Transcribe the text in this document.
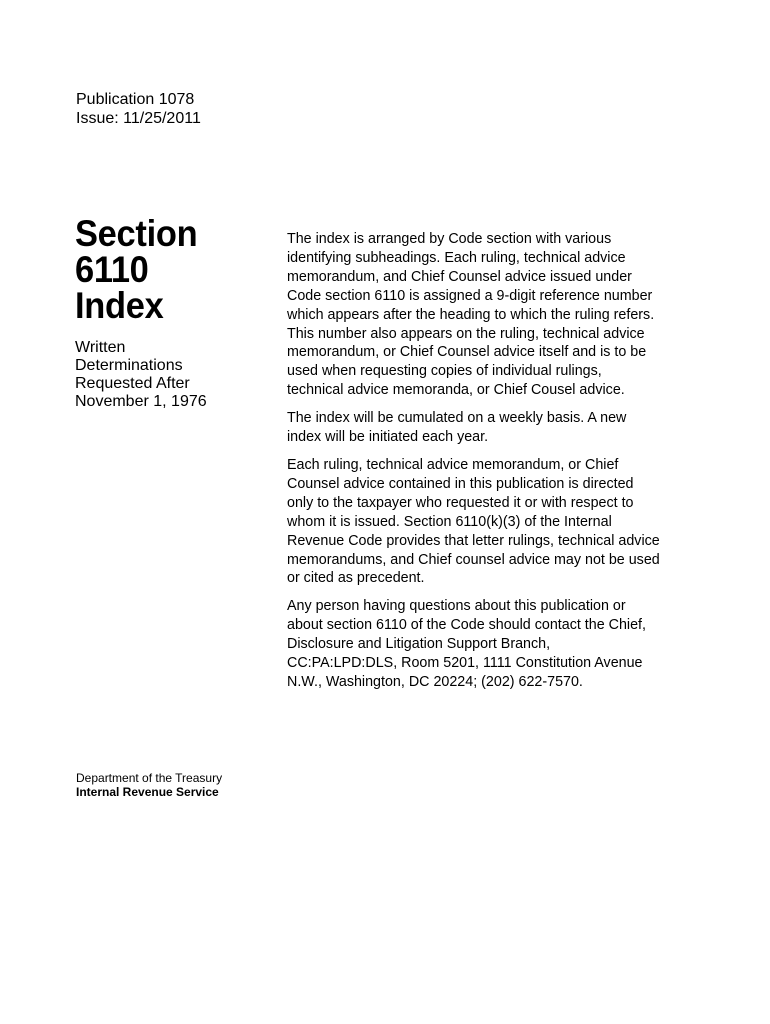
Publication 1078
Issue: 11/25/2011
Section
6110
Index
Written
Determinations
Requested After
November 1, 1976
The index is arranged by Code section with various
identifying subheadings. Each ruling, technical advice
memorandum, and Chief Counsel advice issued under
Code section 6110 is assigned a 9-digit reference number
which appears after the heading to which the ruling refers.
This number also appears on the ruling, technical advice
memorandum, or Chief Counsel advice itself and is to be
used when requesting copies of individual rulings,
technical advice memoranda, or Chief Cousel advice.
The index will be cumulated on a weekly basis. A new
index will be initiated each year.
Each ruling, technical advice memorandum, or Chief
Counsel advice contained in this publication is directed
only to the taxpayer who requested it or with respect to
whom it is issued. Section 6110(k)(3) of the Internal
Revenue Code provides that letter rulings, technical advice
memorandums, and Chief counsel advice may not be used
or cited as precedent.
Any person having questions about this publication or
about section 6110 of the Code should contact the Chief,
Disclosure and Litigation Support Branch,
CC:PA:LPD:DLS, Room 5201, 1111 Constitution Avenue
N.W., Washington, DC 20224; (202) 622-7570.
Department of the Treasury
Internal Revenue Service
